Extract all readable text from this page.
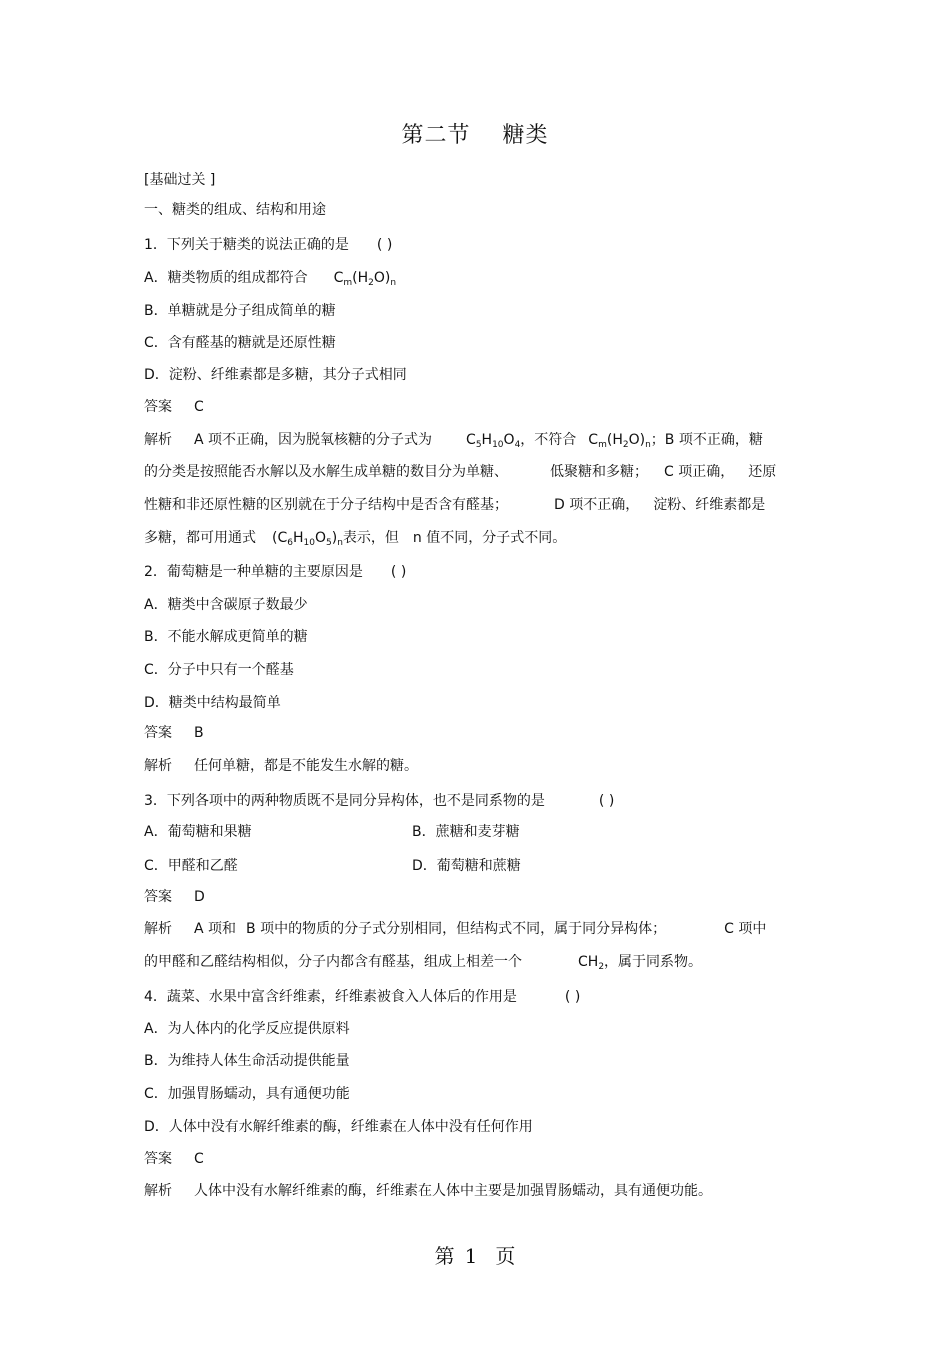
第二节 糖类
[基础过关 ]
一、糖类的组成、结构和用途
1．下列关于糖类的说法正确的是 ( )
A．糖类物质的组成都符合 $C_m(H_2O)_n$
B．单糖就是分子组成简单的糖
C．含有醛基的糖就是还原性糖
D．淀粉、纤维素都是多糖，其分子式相同
答案 C
解析 A 项不正确，因为脱氧核糖的分子式为 $C_5H_{10}O_4$，不符合 $C_m(H_2O)_n$；B 项不正确，糖
的分类是按照能否水解以及水解生成单糖的数目分为单糖、	低聚糖和多糖； C 项正确， 还原
性糖和非还原性糖的区别就在于分子结构中是否含有醛基；	D 项不正确， 淀粉、纤维素都是
多糖，都可用通式 $(C_6H_{10}O_5)_n$表示，但 n 值不同，分子式不同。
2．葡萄糖是一种单糖的主要原因是 ( )
A．糖类中含碳原子数最少
B．不能水解成更简单的糖
C．分子中只有一个醛基
D．糖类中结构最简单
答案 B
解析 任何单糖，都是不能发生水解的糖。
3．下列各项中的两种物质既不是同分异构体，也不是同系物的是	( )
A．葡萄糖和果糖	B．蔗糖和麦芽糖
C．甲醛和乙醛	D．葡萄糖和蔗糖
答案 D
解析 A 项和 B 项中的物质的分子式分别相同，但结构式不同，属于同分异构体；	C 项中
的甲醛和乙醛结构相似，分子内都含有醛基，组成上相差一个	$CH_2$，属于同系物。
4．蔬菜、水果中富含纤维素，纤维素被食入人体后的作用是	( )
A．为人体内的化学反应提供原料
B．为维持人体生命活动提供能量
C．加强胃肠蠕动，具有通便功能
D．人体中没有水解纤维素的酶，纤维素在人体中没有任何作用
答案 C
解析 人体中没有水解纤维素的酶，纤维素在人体中主要是加强胃肠蠕动，具有通便功能。
第 1 页
